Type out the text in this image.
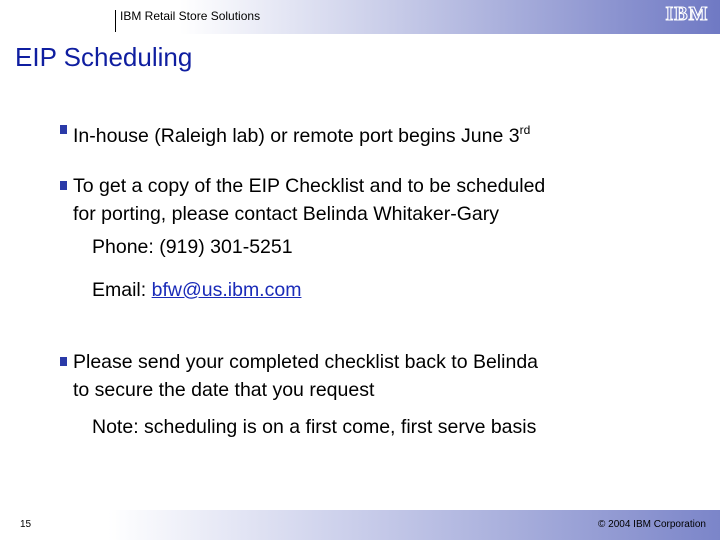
IBM Retail Store Solutions	IBM
EIP Scheduling
In-house (Raleigh lab) or remote port begins June 3rd
To get a copy of the EIP Checklist and to be scheduled
for porting, please contact Belinda Whitaker-Gary
Phone: (919) 301-5251
Email: bfw@us.ibm.com
Please send your completed checklist back to Belinda
to secure the date that you request
Note: scheduling is on a first come, first serve basis
15	© 2004 IBM Corporation
